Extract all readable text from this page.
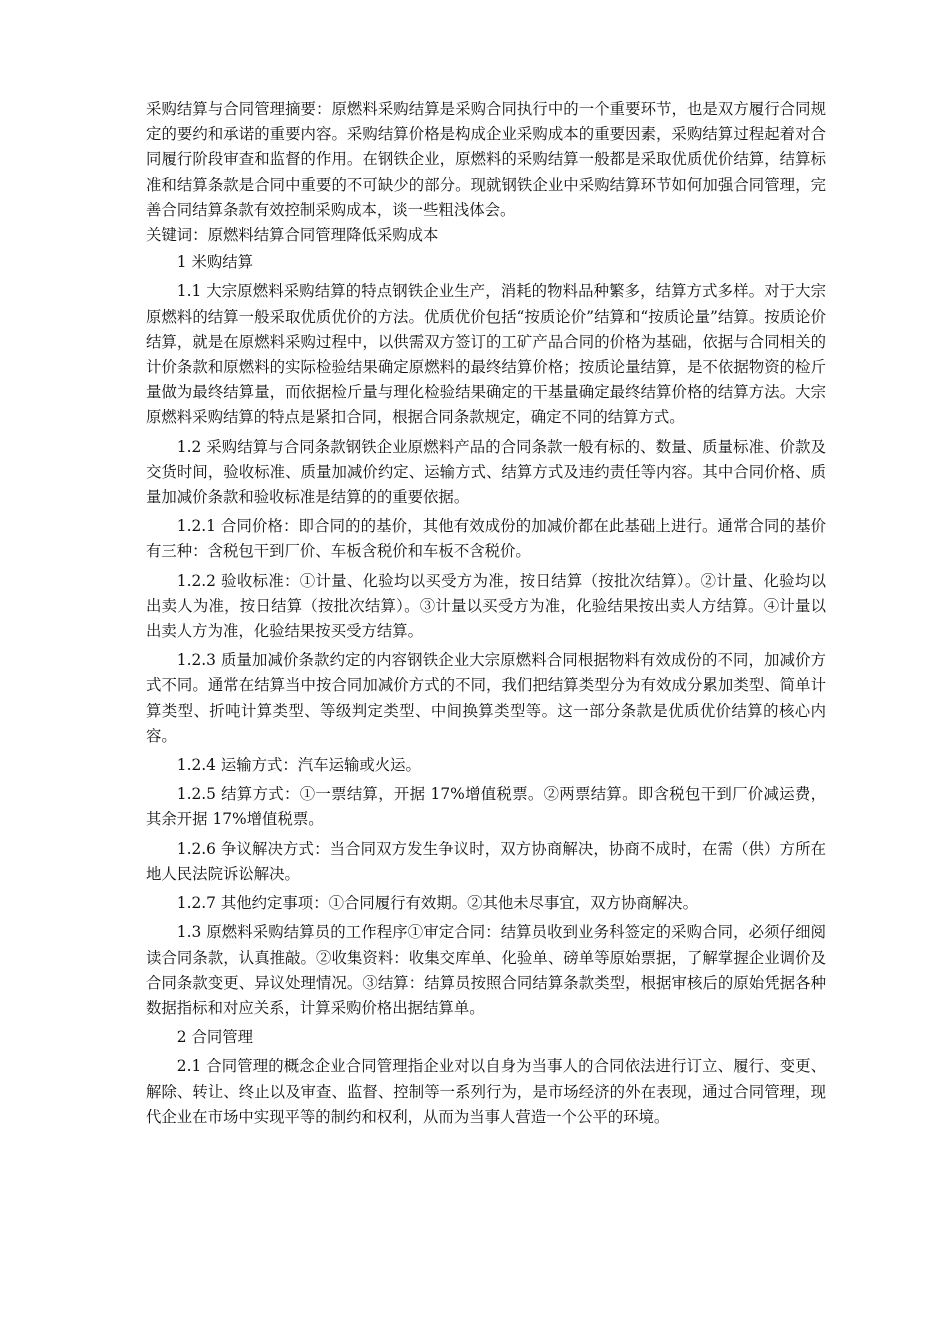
采购结算与合同管理摘要：原燃料采购结算是采购合同执行中的一个重要环节，也是双方履行合同规定的要约和承诺的重要内容。采购结算价格是构成企业采购成本的重要因素，采购结算过程起着对合同履行阶段审查和监督的作用。在钢铁企业，原燃料的采购结算一般都是采取优质优价结算，结算标准和结算条款是合同中重要的不可缺少的部分。现就钢铁企业中采购结算环节如何加强合同管理，完善合同结算条款有效控制采购成本，谈一些粗浅体会。

关键词：原燃料结算合同管理降低采购成本

1 米购结算

1.1 大宗原燃料采购结算的特点钢铁企业生产，消耗的物料品种繁多，结算方式多样。对于大宗原燃料的结算一般采取优质优价的方法。优质优价包括“按质论价”结算和“按质论量”结算。按质论价结算，就是在原燃料采购过程中，以供需双方签订的工矿产品合同的价格为基础，依据与合同相关的计价条款和原燃料的实际检验结果确定原燃料的最终结算价格；按质论量结算，是不依据物资的检斤量做为最终结算量，而依据检斤量与理化检验结果确定的干基量确定最终结算价格的结算方法。大宗原燃料采购结算的特点是紧扣合同，根据合同条款规定，确定不同的结算方式。

1.2 采购结算与合同条款钢铁企业原燃料产品的合同条款一般有标的、数量、质量标准、价款及交货时间，验收标准、质量加减价约定、运输方式、结算方式及违约责任等内容。其中合同价格、质量加减价条款和验收标准是结算的的重要依据。

1.2.1 合同价格：即合同的的基价，其他有效成份的加减价都在此基础上进行。通常合同的基价有三种：含税包干到厂价、车板含税价和车板不含税价。

1.2.2 验收标准：①计量、化验均以买受方为准，按日结算（按批次结算）。②计量、化验均以出卖人为准，按日结算（按批次结算）。③计量以买受方为准，化验结果按出卖人方结算。④计量以出卖人方为准，化验结果按买受方结算。

1.2.3 质量加减价条款约定的内容钢铁企业大宗原燃料合同根据物料有效成份的不同，加减价方式不同。通常在结算当中按合同加减价方式的不同，我们把结算类型分为有效成分累加类型、简单计算类型、折吨计算类型、等级判定类型、中间换算类型等。这一部分条款是优质优价结算的核心内容。

1.2.4 运输方式：汽车运输或火运。

1.2.5 结算方式：①一票结算，开据 17%增值税票。②两票结算。即含税包干到厂价减运费，其余开据 17%增值税票。

1.2.6 争议解决方式：当合同双方发生争议时，双方协商解决，协商不成时，在需（供）方所在地人民法院诉讼解决。

1.2.7 其他约定事项：①合同履行有效期。②其他未尽事宜，双方协商解决。

1.3 原燃料采购结算员的工作程序①审定合同：结算员收到业务科签定的采购合同，必须仔细阅读合同条款，认真推敲。②收集资料：收集交库单、化验单、磅单等原始票据，了解掌握企业调价及合同条款变更、异议处理情况。③结算：结算员按照合同结算条款类型，根据审核后的原始凭据各种数据指标和对应关系，计算采购价格出据结算单。

2 合同管理

2.1 合同管理的概念企业合同管理指企业对以自身为当事人的合同依法进行订立、履行、变更、解除、转让、终止以及审查、监督、控制等一系列行为，是市场经济的外在表现，通过合同管理，现代企业在市场中实现平等的制约和权利，从而为当事人营造一个公平的环境。
